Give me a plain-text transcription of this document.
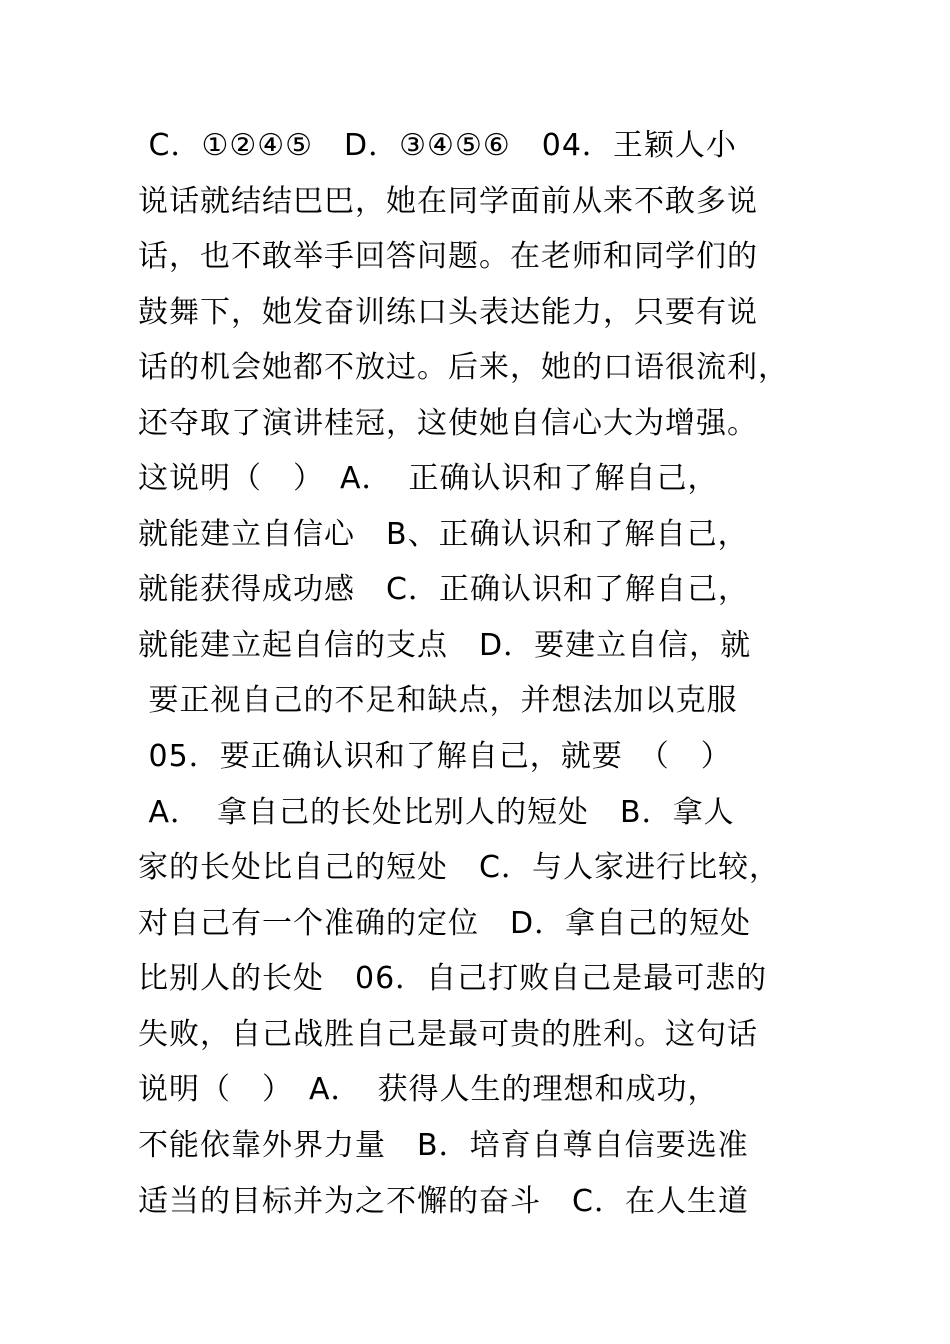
C．①②④⑤　D．③④⑤⑥　04．王颖人小
说话就结结巴巴，她在同学面前从来不敢多说
话，也不敢举手回答问题。在老师和同学们的
鼓舞下，她发奋训练口头表达能力，只要有说
话的机会她都不放过。后来，她的口语很流利，
还夺取了演讲桂冠，这使她自信心大为增强。
这说明（　）　A．　正确认识和了解自己，
就能建立自信心　B、正确认识和了解自己，
就能获得成功感　C．正确认识和了解自己，
就能建立起自信的支点　D．要建立自信，就
要正视自己的不足和缺点，并想法加以克服
05．要正确认识和了解自己，就要　（　）
A．　拿自己的长处比别人的短处　B．拿人
家的长处比自己的短处　C．与人家进行比较，
对自己有一个准确的定位　D．拿自己的短处
比别人的长处　06．自己打败自己是最可悲的
失败，自己战胜自己是最可贵的胜利。这句话
说明（　）　A．　获得人生的理想和成功，
不能依靠外界力量　B．培育自尊自信要选准
适当的目标并为之不懈的奋斗　C．在人生道
